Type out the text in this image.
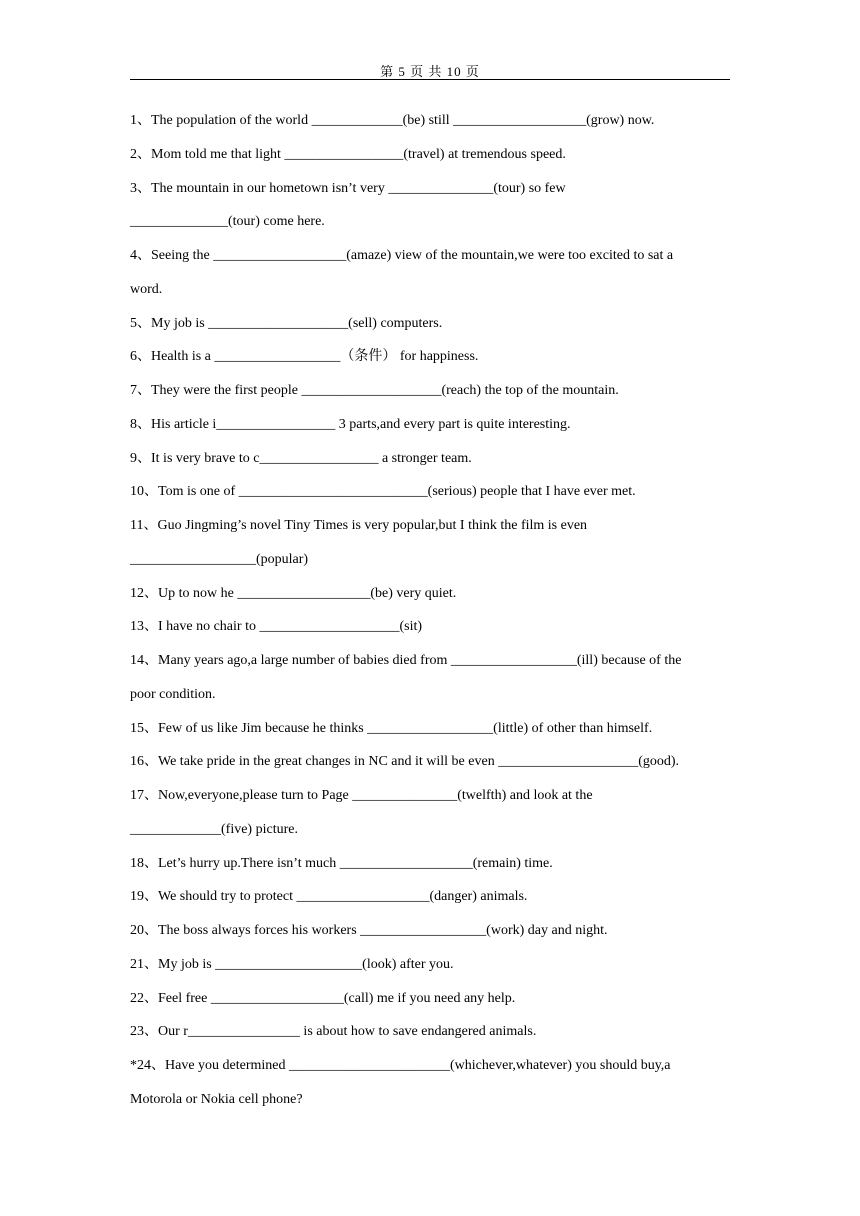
第 5 页 共 10 页
1、The population of the world _____________(be) still ___________________(grow) now.
2、Mom told me that light _________________(travel) at tremendous speed.
3、The mountain in our hometown isn’t very _______________(tour) so few
______________(tour) come here.
4、Seeing the ___________________(amaze) view of the mountain,we were too excited to sat a
word.
5、My job is ____________________(sell) computers.
6、Health is a __________________（条件） for happiness.
7、They were the first people ____________________(reach) the top of the mountain.
8、His article i_________________ 3 parts,and every part is quite interesting.
9、It is very brave to c_________________ a stronger team.
10、Tom is one of ___________________________(serious) people that I have ever met.
11、Guo Jingming’s novel Tiny Times is very popular,but I think the film is even
__________________(popular)
12、Up to now he ___________________(be) very quiet.
13、I have no chair to ____________________(sit)
14、Many years ago,a large number of babies died from __________________(ill) because of the
poor condition.
15、Few of us like Jim because he thinks __________________(little) of other than himself.
16、We take pride in the great changes in NC and it will be even ____________________(good).
17、Now,everyone,please turn to Page _______________(twelfth) and look at the
_____________(five) picture.
18、Let’s hurry up.There isn’t much ___________________(remain) time.
19、We should try to protect ___________________(danger) animals.
20、The boss always forces his workers __________________(work) day and night.
21、My job is _____________________(look) after you.
22、Feel free ___________________(call) me if you need any help.
23、Our r________________ is about how to save endangered animals.
*24、Have you determined _______________________(whichever,whatever) you should buy,a
Motorola or Nokia cell phone?
